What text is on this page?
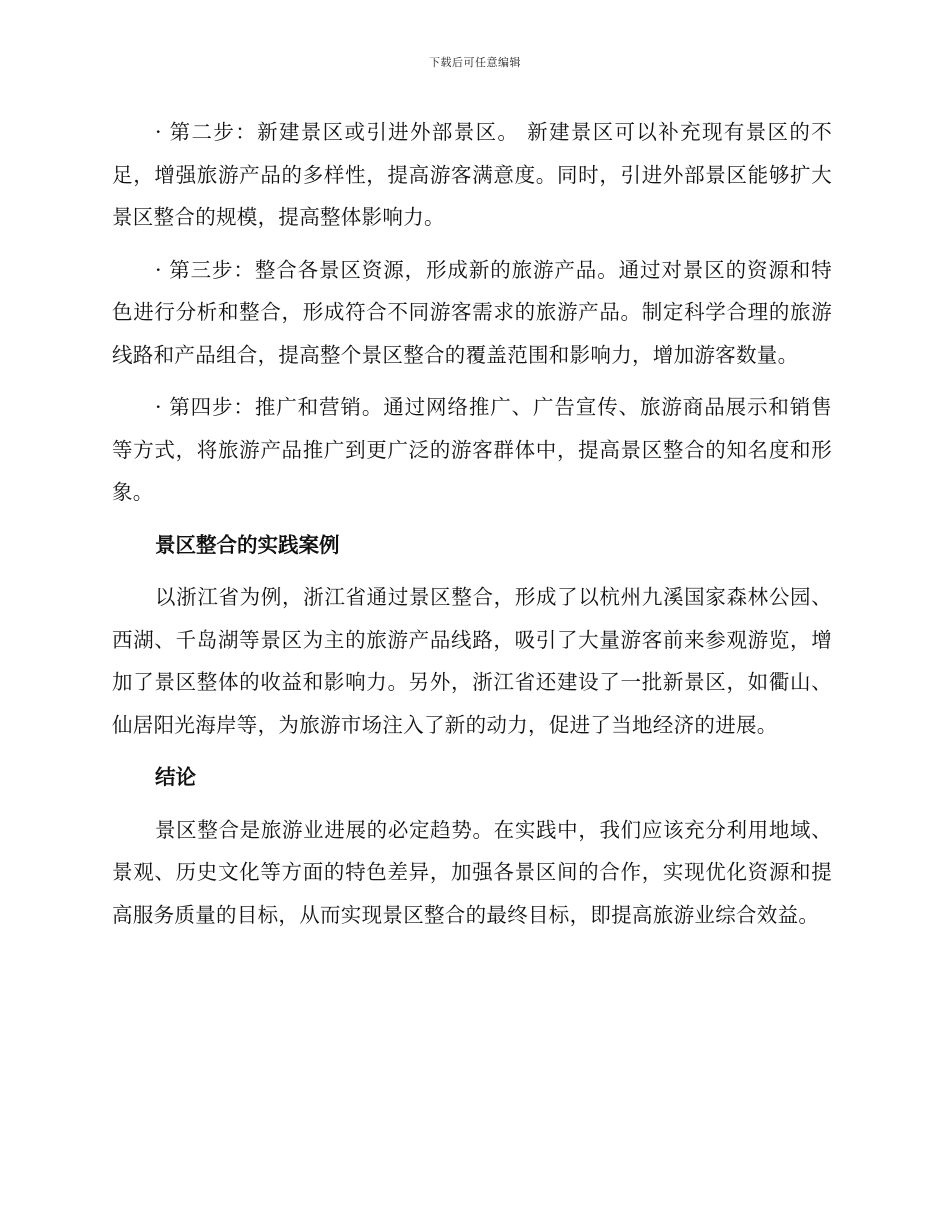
下载后可任意编辑

· 第二步：新建景区或引进外部景区。 新建景区可以补充现有景区的不足，增强旅游产品的多样性，提高游客满意度。同时，引进外部景区能够扩大景区整合的规模，提高整体影响力。

· 第三步：整合各景区资源，形成新的旅游产品。通过对景区的资源和特色进行分析和整合，形成符合不同游客需求的旅游产品。制定科学合理的旅游线路和产品组合，提高整个景区整合的覆盖范围和影响力，增加游客数量。

· 第四步：推广和营销。通过网络推广、广告宣传、旅游商品展示和销售等方式，将旅游产品推广到更广泛的游客群体中，提高景区整合的知名度和形象。

景区整合的实践案例

以浙江省为例，浙江省通过景区整合，形成了以杭州九溪国家森林公园、西湖、千岛湖等景区为主的旅游产品线路，吸引了大量游客前来参观游览，增加了景区整体的收益和影响力。另外，浙江省还建设了一批新景区，如衢山、仙居阳光海岸等，为旅游市场注入了新的动力，促进了当地经济的进展。

结论

景区整合是旅游业进展的必定趋势。在实践中，我们应该充分利用地域、景观、历史文化等方面的特色差异，加强各景区间的合作，实现优化资源和提高服务质量的目标，从而实现景区整合的最终目标，即提高旅游业综合效益。
